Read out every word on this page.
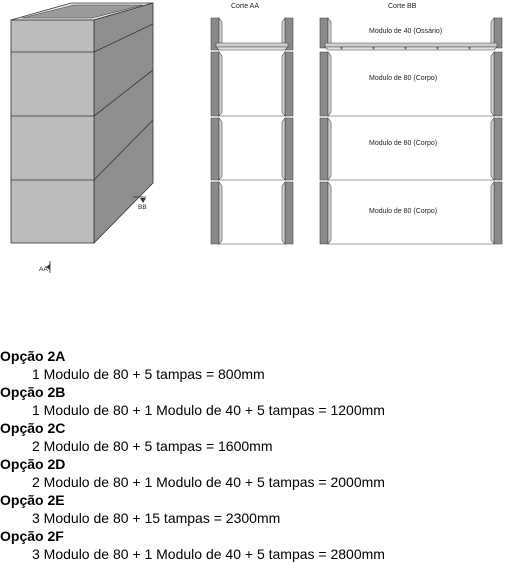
BB
AA
Corte AA	Corte BB
Modulo de 40 (Ossário)
Modulo de 80 (Corpo)
Modulo de 80 (Corpo)
Modulo de 80 (Corpo)

Opção 2A

1 Modulo de 80 + 5 tampas = 800mm

Opção 2B

1 Modulo de 80 + 1 Modulo de 40 + 5 tampas = 1200mm

Opção 2C

2 Modulo de 80 + 5 tampas = 1600mm

Opção 2D

2 Modulo de 80 + 1 Modulo de 40 + 5 tampas = 2000mm

Opção 2E

3 Modulo de 80 + 15 tampas = 2300mm

Opção 2F

3 Modulo de 80 + 1 Modulo de 40 + 5 tampas = 2800mm
